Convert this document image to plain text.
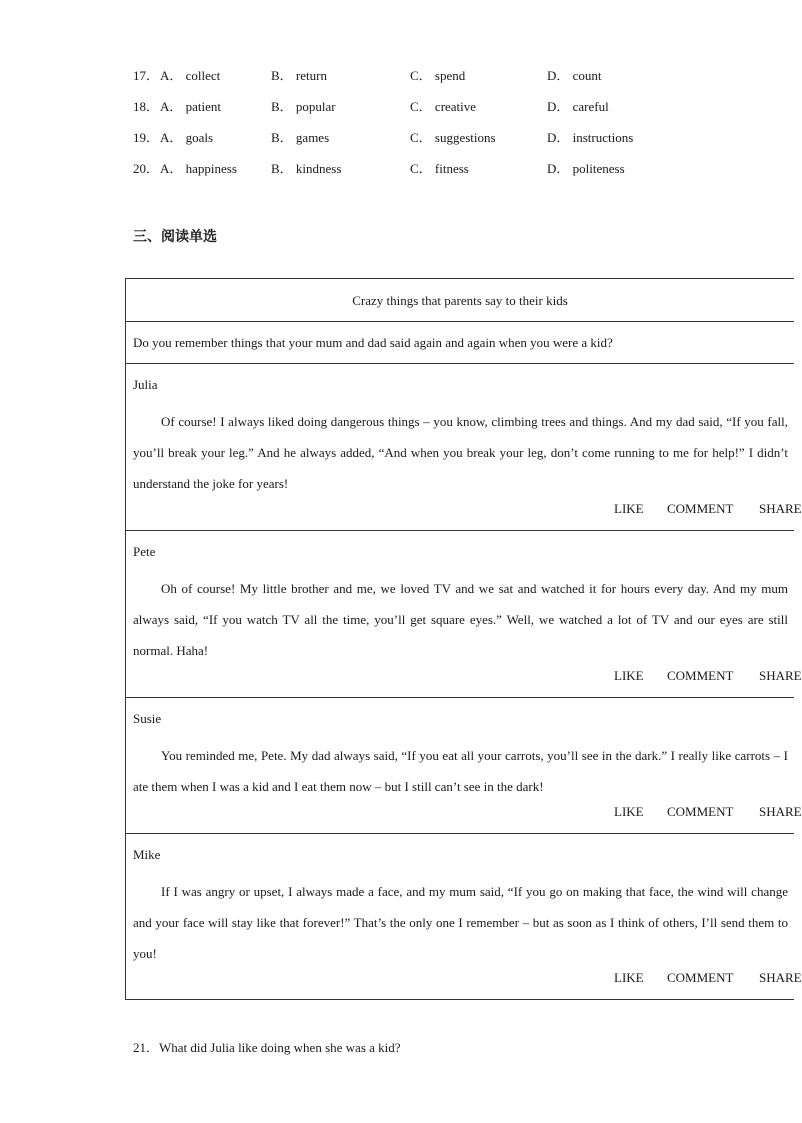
17． A． collect	B． return	C． spend	D． count
18． A． patient	B． popular	C． creative	D． careful
19． A． goals	B． games	C． suggestions	D． instructions
20． A． happiness	B． kindness	C． fitness	D． politeness
三、阅读单选
Crazy things that parents say to their kids
Do you remember things that your mum and dad said again and again when you were a kid?
Julia
Of course! I always liked doing dangerous things – you know, climbing trees and things. And my dad said, “If you fall, you’ll break your leg.” And he always added, “And when you break your leg, don’t come running to me for help!” I didn’t understand the joke for years!
LIKE COMMENT SHARE
Pete
Oh of course! My little brother and me, we loved TV and we sat and watched it for hours every day. And my mum always said, “If you watch TV all the time, you’ll get square eyes.” Well, we watched a lot of TV and our eyes are still normal. Haha!
LIKE COMMENT SHARE
Susie
You reminded me, Pete. My dad always said, “If you eat all your carrots, you’ll see in the dark.” I really like carrots – I ate them when I was a kid and I eat them now – but I still can’t see in the dark!
LIKE COMMENT SHARE
Mike
If I was angry or upset, I always made a face, and my mum said, “If you go on making that face, the wind will change and your face will stay like that forever!” That’s the only one I remember – but as soon as I think of others, I’ll send them to you!
LIKE COMMENT SHARE
21．What did Julia like doing when she was a kid?
